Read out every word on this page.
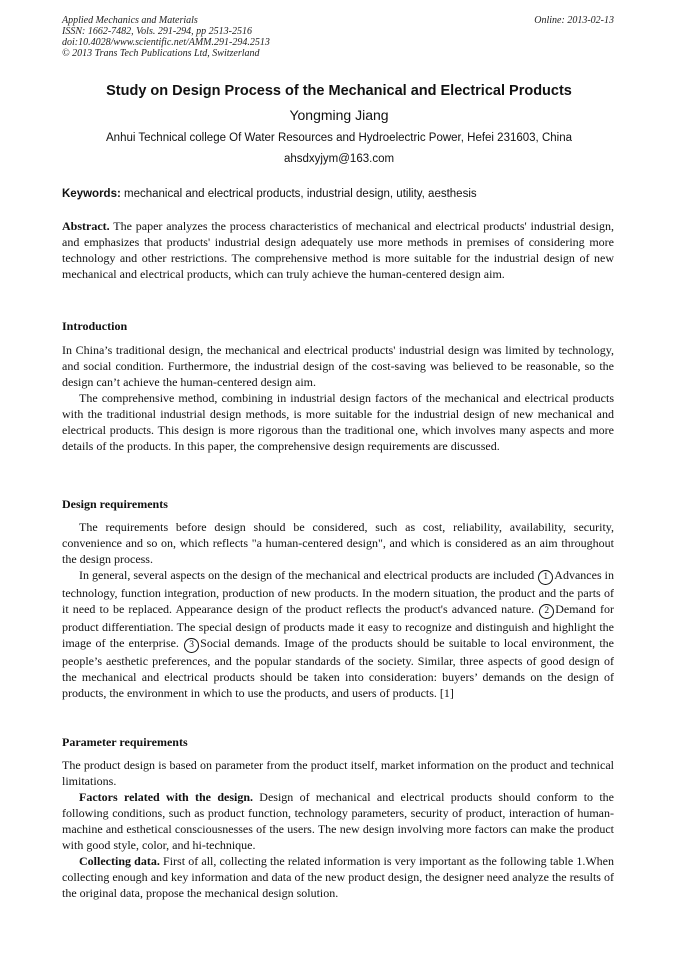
Applied Mechanics and Materials
ISSN: 1662-7482, Vols. 291-294, pp 2513-2516
doi:10.4028/www.scientific.net/AMM.291-294.2513
© 2013 Trans Tech Publications Ltd, Switzerland
Online: 2013-02-13
Study on Design Process of the Mechanical and Electrical Products
Yongming Jiang
Anhui Technical college Of Water Resources and Hydroelectric Power, Hefei 231603, China
ahsdxyjym@163.com
Keywords: mechanical and electrical products, industrial design, utility, aesthesis

Abstract. The paper analyzes the process characteristics of mechanical and electrical products' industrial design, and emphasizes that products' industrial design adequately use more methods in premises of considering more technology and other restrictions. The comprehensive method is more suitable for the industrial design of new mechanical and electrical products, which can truly achieve the human-centered design aim.

Introduction

In China’s traditional design, the mechanical and electrical products' industrial design was limited by technology, and social condition. Furthermore, the industrial design of the cost-saving was believed to be reasonable, so the design can’t achieve the human-centered design aim.

The comprehensive method, combining in industrial design factors of the mechanical and electrical products with the traditional industrial design methods, is more suitable for the industrial design of new mechanical and electrical products. This design is more rigorous than the traditional one, which involves many aspects and more details of the products. In this paper, the comprehensive design requirements are discussed.

Design requirements

The requirements before design should be considered, such as cost, reliability, availability, security, convenience and so on, which reflects "a human-centered design", and which is considered as an aim throughout the design process.

In general, several aspects on the design of the mechanical and electrical products are included 1 Advances in technology, function integration, production of new products. In the modern situation, the product and the parts of it need to be replaced. Appearance design of the product reflects the product's advanced nature. 2 Demand for product differentiation. The special design of products made it easy to recognize and distinguish and highlight the image of the enterprise. 3 Social demands. Image of the products should be suitable to local environment, the people’s aesthetic preferences, and the popular standards of the society. Similar, three aspects of good design of the mechanical and electrical products should be taken into consideration: buyers’ demands on the design of products, the environment in which to use the products, and users of products. [1]

Parameter requirements

The product design is based on parameter from the product itself, market information on the product and technical limitations.

Factors related with the design. Design of mechanical and electrical products should conform to the following conditions, such as product function, technology parameters, security of product, interaction of human-machine and esthetical consciousnesses of the users. The new design involving more factors can make the product with good style, color, and hi-technique.

Collecting data. First of all, collecting the related information is very important as the following table 1.When collecting enough and key information and data of the new product design, the designer need analyze the results of the original data, propose the mechanical design solution.
